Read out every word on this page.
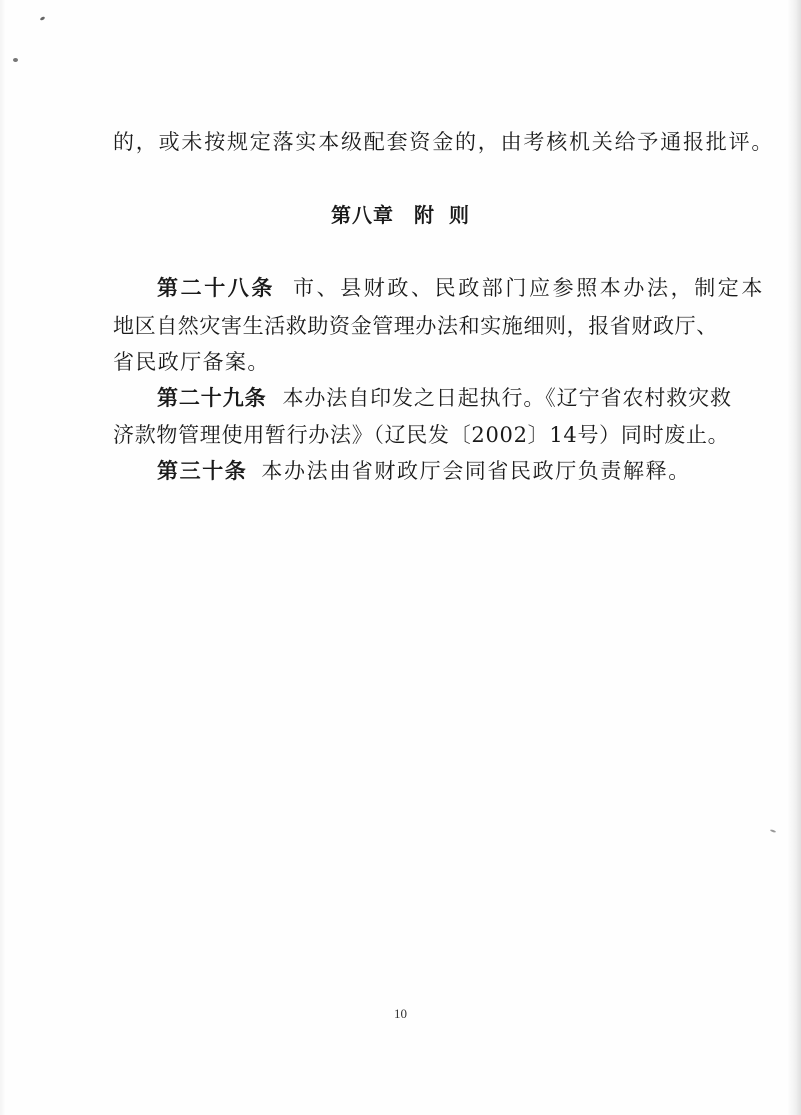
的，或未按规定落实本级配套资金的，由考核机关给予通报批评。
第八章 附 则
第二十八条 市、县财政、民政部门应参照本办法，制定本
地区自然灾害生活救助资金管理办法和实施细则，报省财政厅、
省民政厅备案。
第二十九条 本办法自印发之日起执行。《辽宁省农村救灾救
济款物管理使用暂行办法》（辽民发〔2002〕14号）同时废止。
第三十条 本办法由省财政厅会同省民政厅负责解释。
10
